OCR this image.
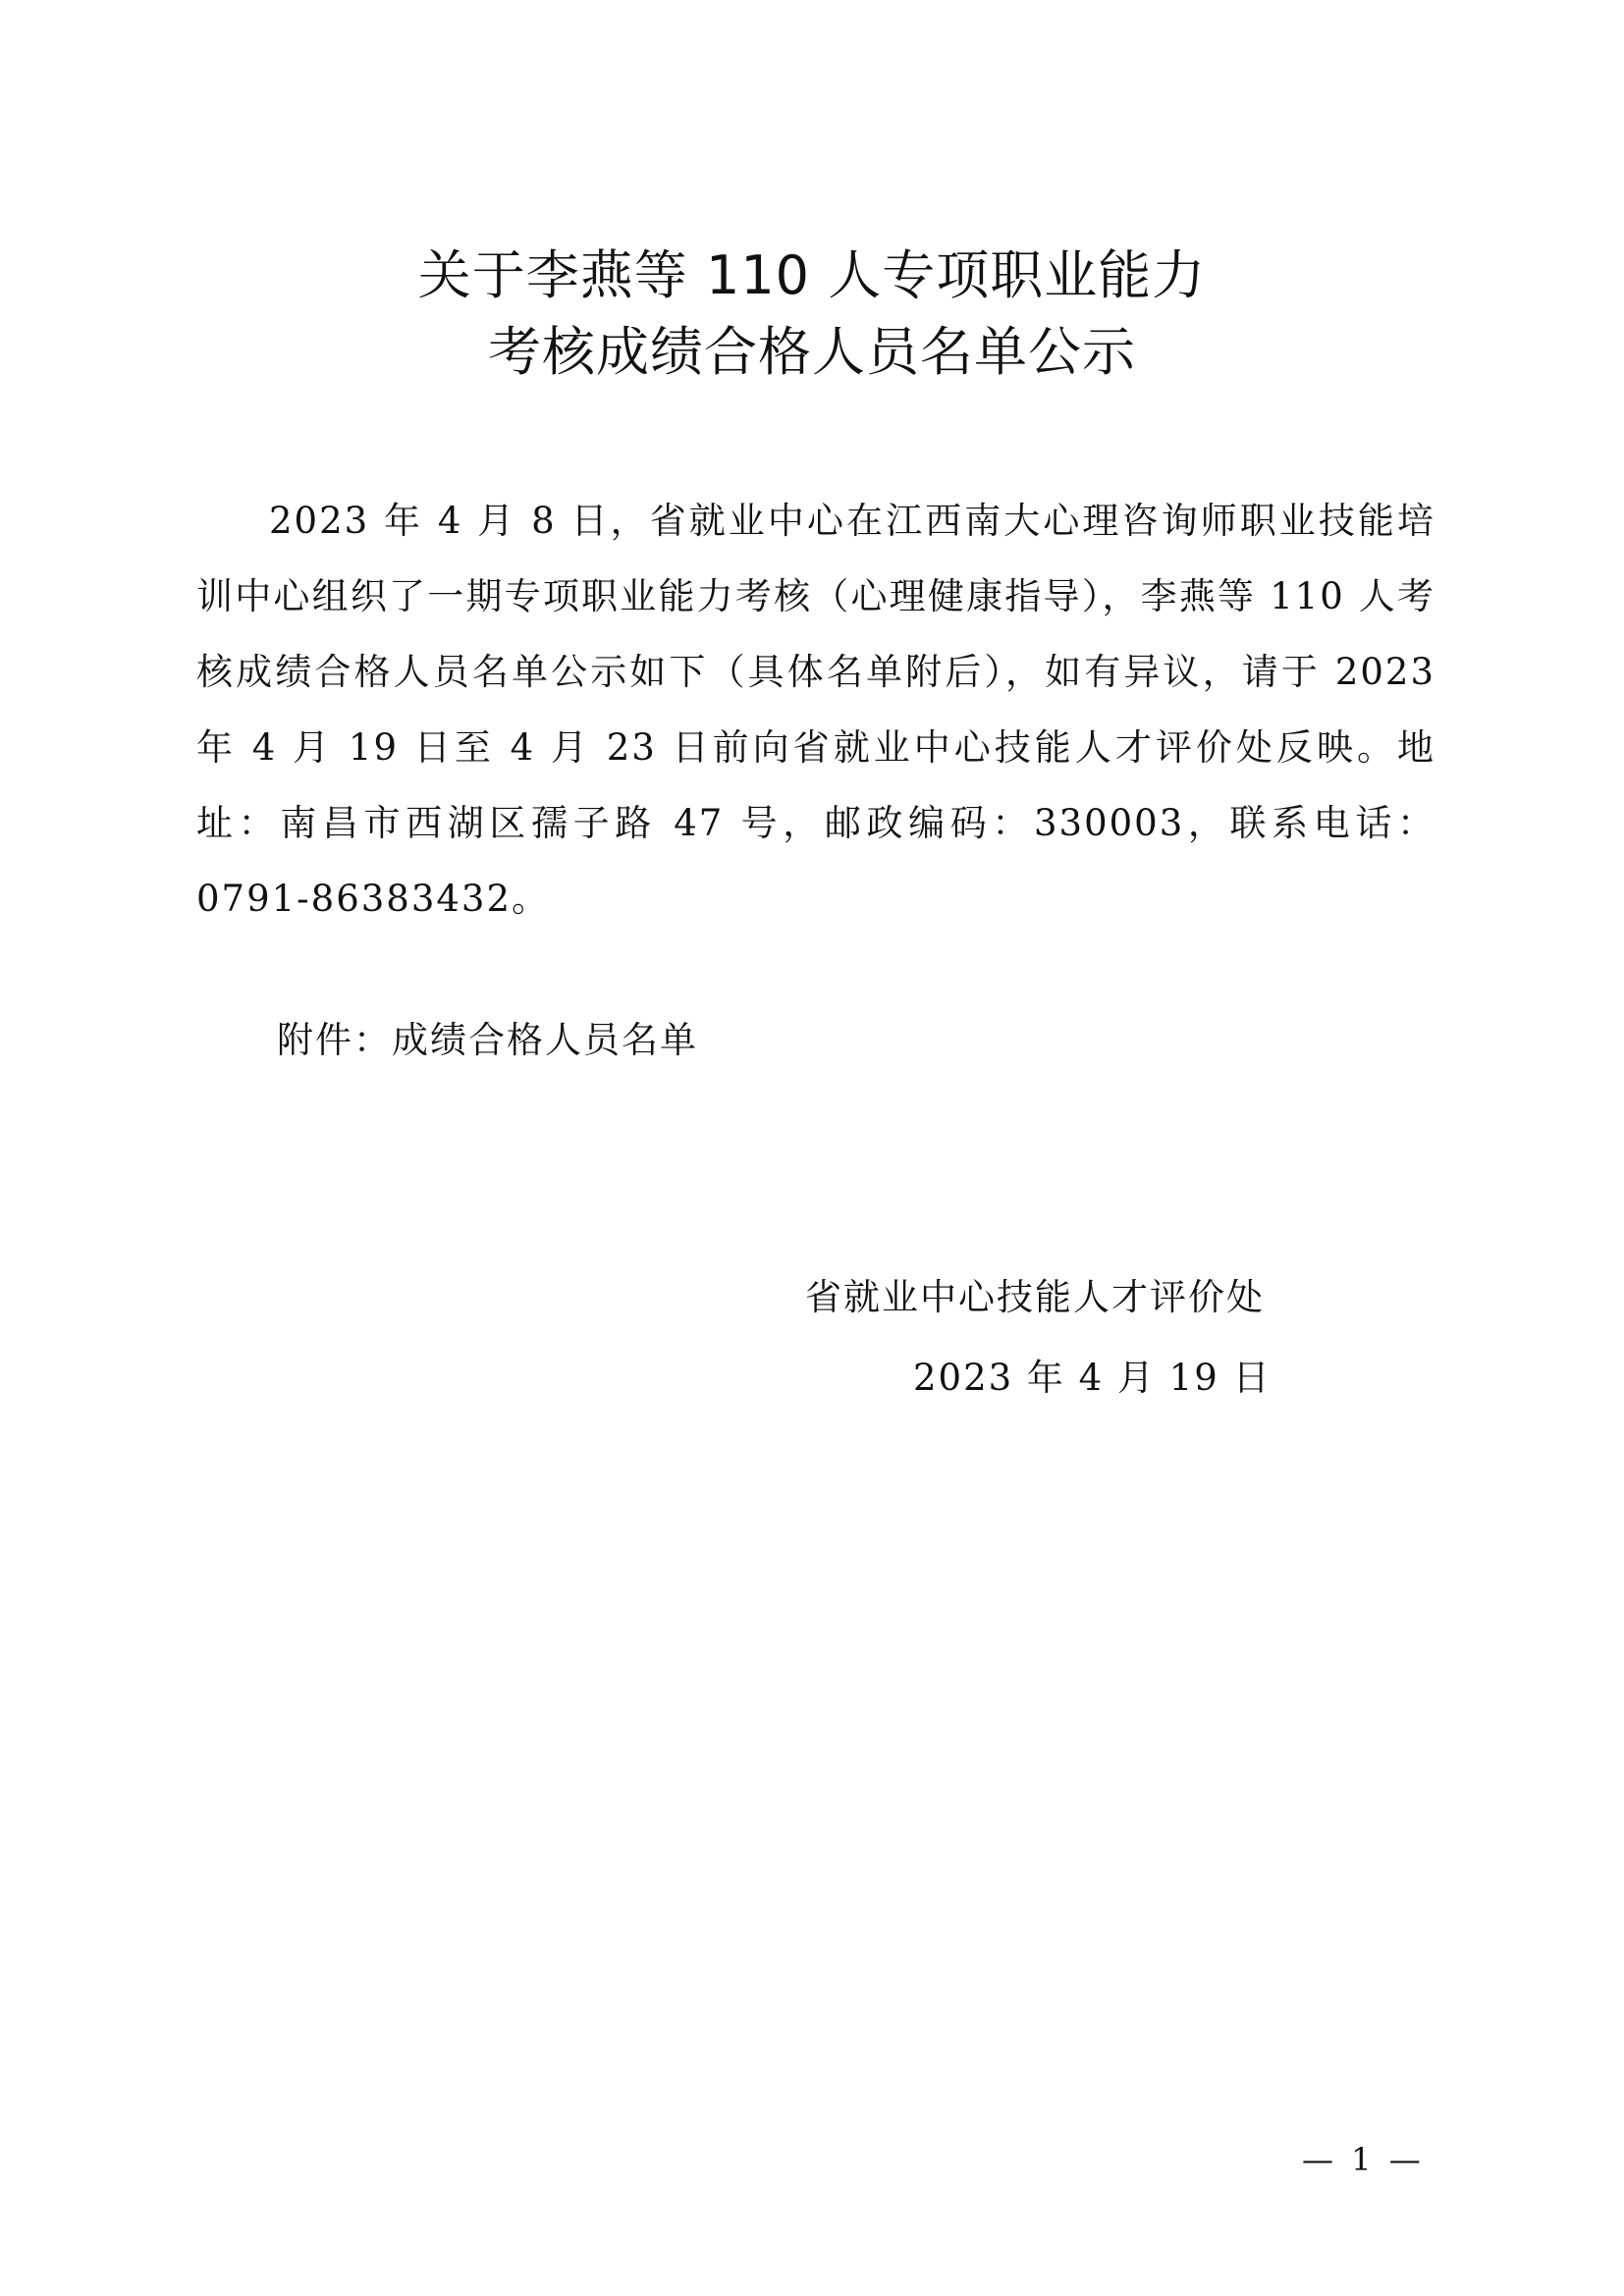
关于李燕等 110 人专项职业能力
考核成绩合格人员名单公示

2023 年 4 月 8 日，省就业中心在江西南大心理咨询师职业技能培训中心组织了一期专项职业能力考核（心理健康指导），李燕等 110 人考核成绩合格人员名单公示如下（具体名单附后），如有异议，请于 2023 年 4 月 19 日至 4 月 23 日前向省就业中心技能人才评价处反映。地址：南昌市西湖区孺子路 47 号，邮政编码：330003，联系电话：0791-86383432。

附件：成绩合格人员名单
省就业中心技能人才评价处
2023 年 4 月 19 日
— 1 —
